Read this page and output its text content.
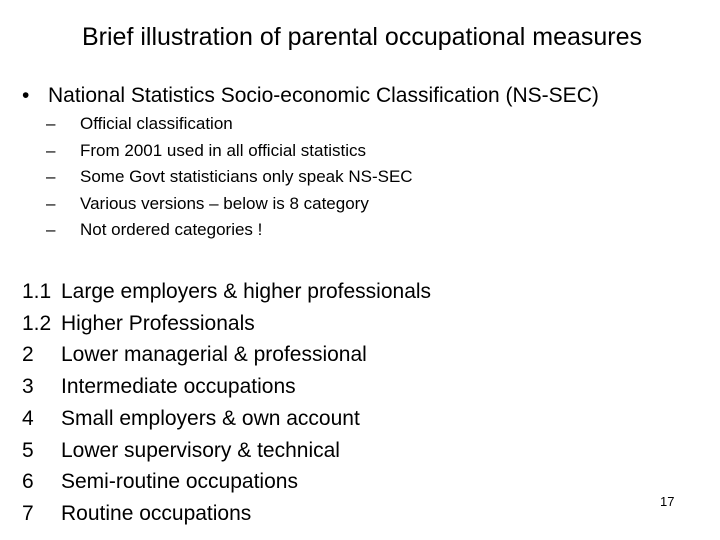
Brief illustration of parental occupational measures
• National Statistics Socio-economic Classification (NS-SEC)
– Official classification
– From 2001 used in all official statistics
– Some Govt statisticians only speak NS-SEC
– Various versions – below is 8 category
– Not ordered categories !
1.1 Large employers & higher professionals
1.2 Higher Professionals
2 Lower managerial & professional
3 Intermediate occupations
4 Small employers & own account
5 Lower supervisory & technical
6 Semi-routine occupations
7 Routine occupations
17
